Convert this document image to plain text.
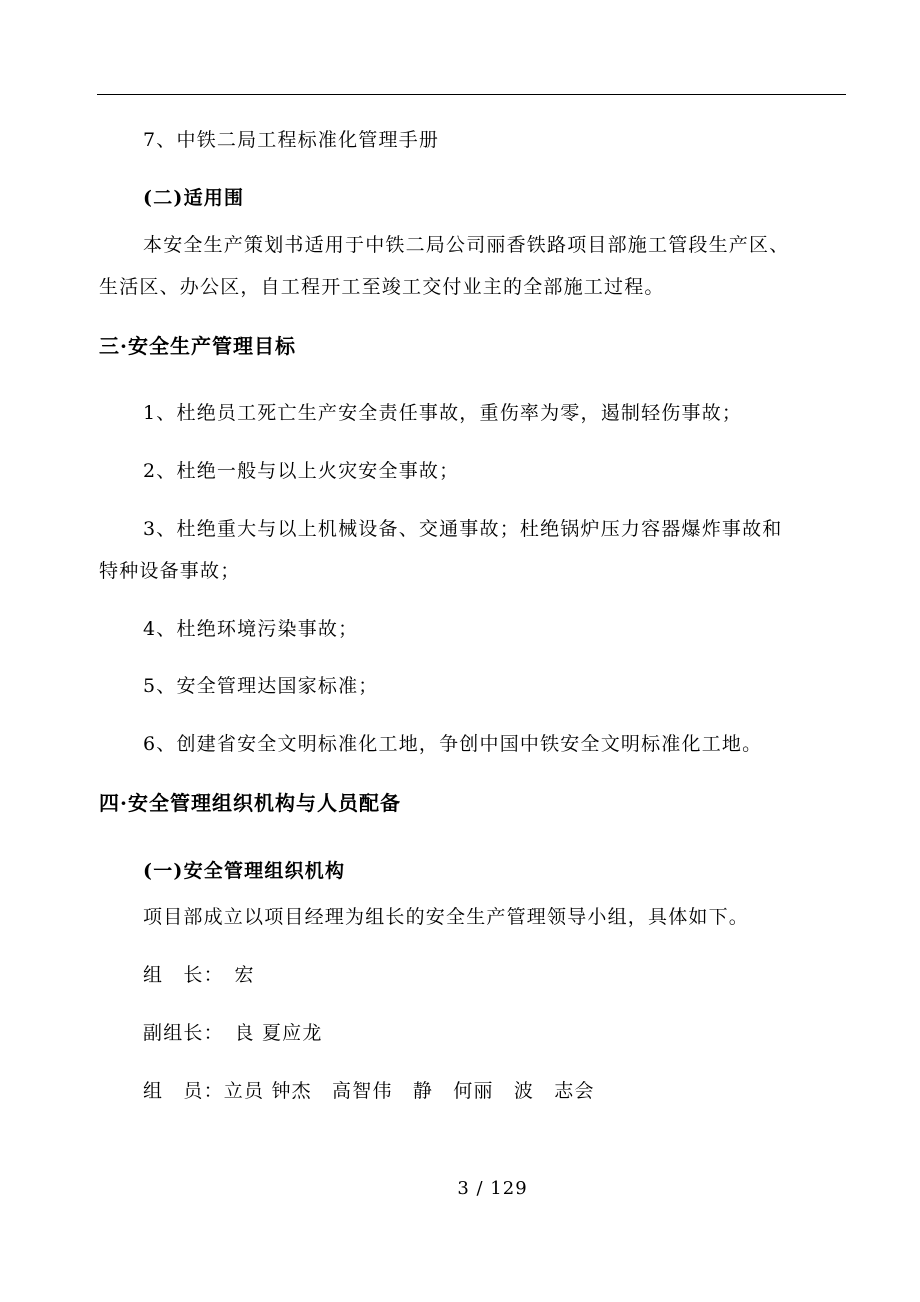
7、中铁二局工程标准化管理手册
(二)适用围
本安全生产策划书适用于中铁二局公司丽香铁路项目部施工管段生产区、
生活区、办公区，自工程开工至竣工交付业主的全部施工过程。
三·安全生产管理目标
1、杜绝员工死亡生产安全责任事故，重伤率为零，遏制轻伤事故；
2、杜绝一般与以上火灾安全事故；
3、杜绝重大与以上机械设备、交通事故；杜绝锅炉压力容器爆炸事故和
特种设备事故；
4、杜绝环境污染事故；
5、安全管理达国家标准；
6、创建省安全文明标准化工地，争创中国中铁安全文明标准化工地。
四·安全管理组织机构与人员配备
(一)安全管理组织机构
项目部成立以项目经理为组长的安全生产管理领导小组，具体如下。
组　长：　宏
副组长：　良 夏应龙
组　员：立员 钟杰　高智伟　静　何丽　波　志会
3 / 129
